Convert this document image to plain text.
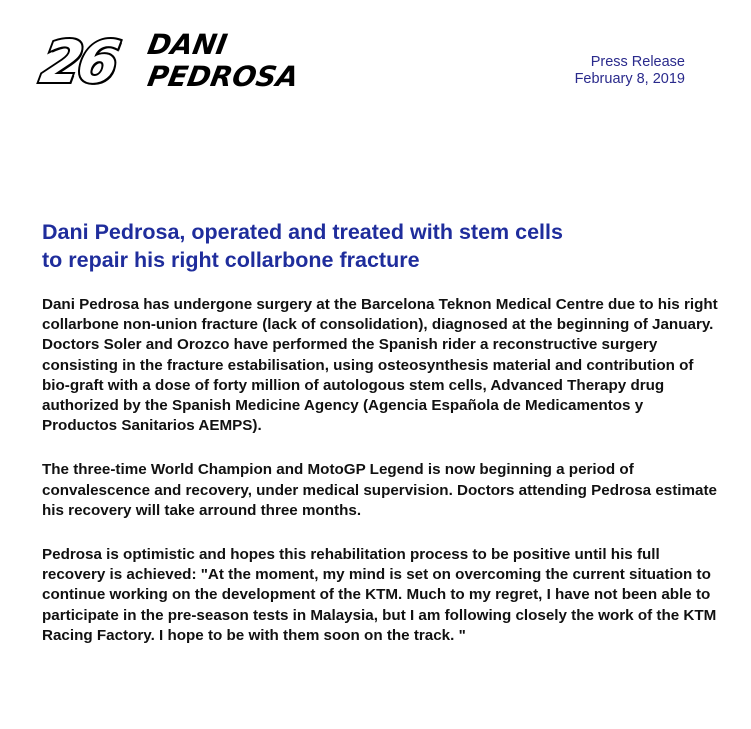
26 DANI
PEDROSA	Press Release
February 8, 2019
Dani Pedrosa, operated and treated with stem cells
to repair his right collarbone fracture

Dani Pedrosa has undergone surgery at the Barcelona Teknon Medical Centre due to his right collarbone non-union fracture (lack of consolidation), diagnosed at the beginning of January. Doctors Soler and Orozco have performed the Spanish rider a reconstructive surgery consisting in the fracture estabilisation, using osteosynthesis material and contribution of bio-graft with a dose of forty million of autologous stem cells, Advanced Therapy drug authorized by the Spanish Medicine Agency (Agencia Española de Medicamentos y Productos Sanitarios AEMPS).

The three-time World Champion and MotoGP Legend is now beginning a period of convalescence and recovery, under medical supervision. Doctors attending Pedrosa estimate his recovery will take arround three months.

Pedrosa is optimistic and hopes this rehabilitation process to be positive until his full recovery is achieved: "At the moment, my mind is set on overcoming the current situation to continue working on the development of the KTM. Much to my regret, I have not been able to participate in the pre-season tests in Malaysia, but I am following closely the work of the KTM Racing Factory. I hope to be with them soon on the track. "
